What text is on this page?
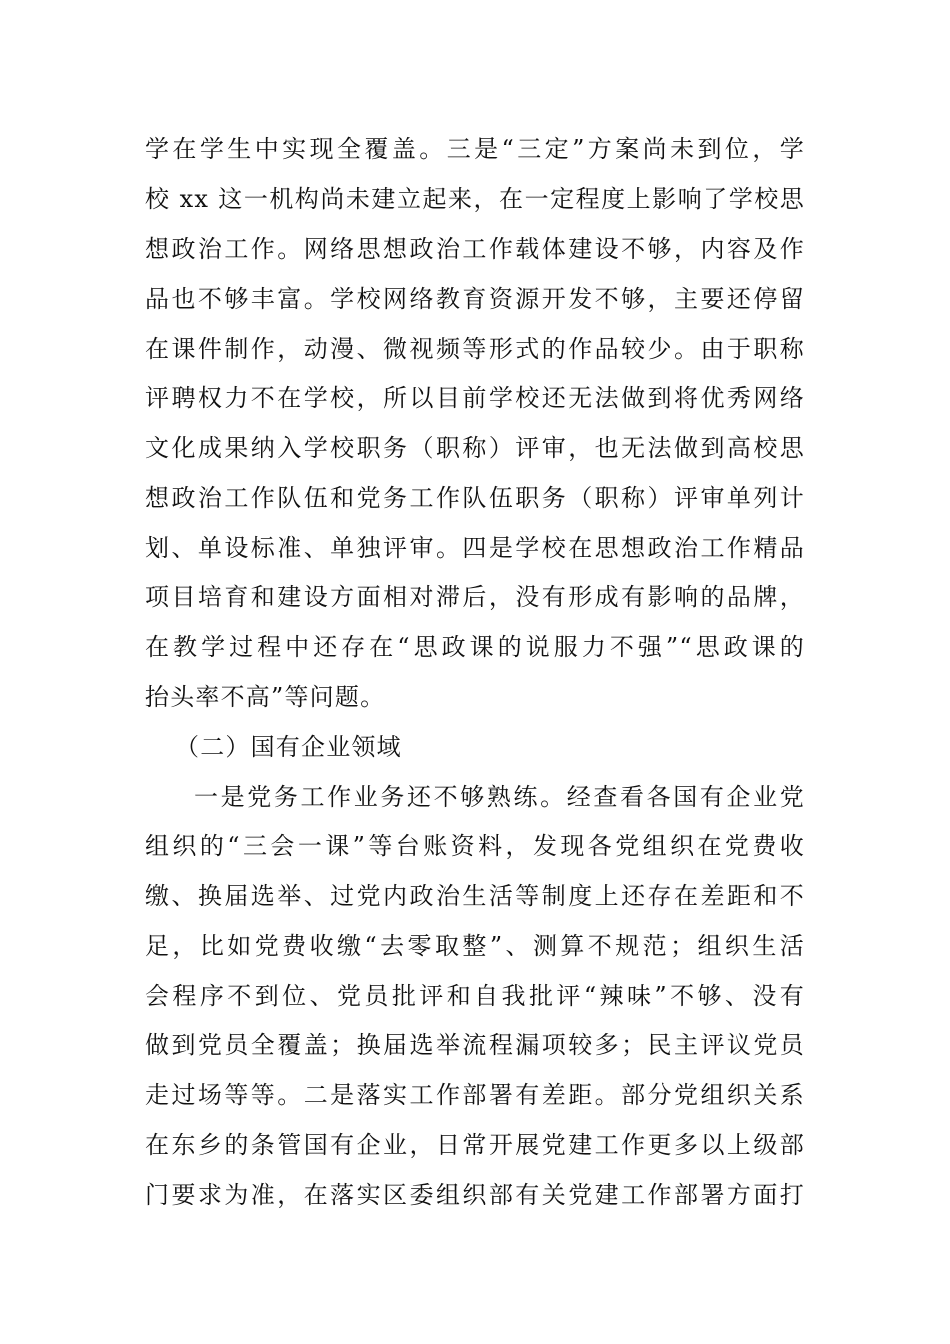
学在学生中实现全覆盖。三是“三定”方案尚未到位，学
校 xx 这一机构尚未建立起来，在一定程度上影响了学校思
想政治工作。网络思想政治工作载体建设不够，内容及作
品也不够丰富。学校网络教育资源开发不够，主要还停留
在课件制作，动漫、微视频等形式的作品较少。由于职称
评聘权力不在学校，所以目前学校还无法做到将优秀网络
文化成果纳入学校职务（职称）评审，也无法做到高校思
想政治工作队伍和党务工作队伍职务（职称）评审单列计
划、单设标准、单独评审。四是学校在思想政治工作精品
项目培育和建设方面相对滞后，没有形成有影响的品牌，
在教学过程中还存在“思政课的说服力不强”“思政课的
抬头率不高”等问题。
（二）国有企业领域
一是党务工作业务还不够熟练。经查看各国有企业党
组织的“三会一课”等台账资料，发现各党组织在党费收
缴、换届选举、过党内政治生活等制度上还存在差距和不
足，比如党费收缴“去零取整”、测算不规范；组织生活
会程序不到位、党员批评和自我批评“辣味”不够、没有
做到党员全覆盖；换届选举流程漏项较多；民主评议党员
走过场等等。二是落实工作部署有差距。部分党组织关系
在东乡的条管国有企业，日常开展党建工作更多以上级部
门要求为准，在落实区委组织部有关党建工作部署方面打
